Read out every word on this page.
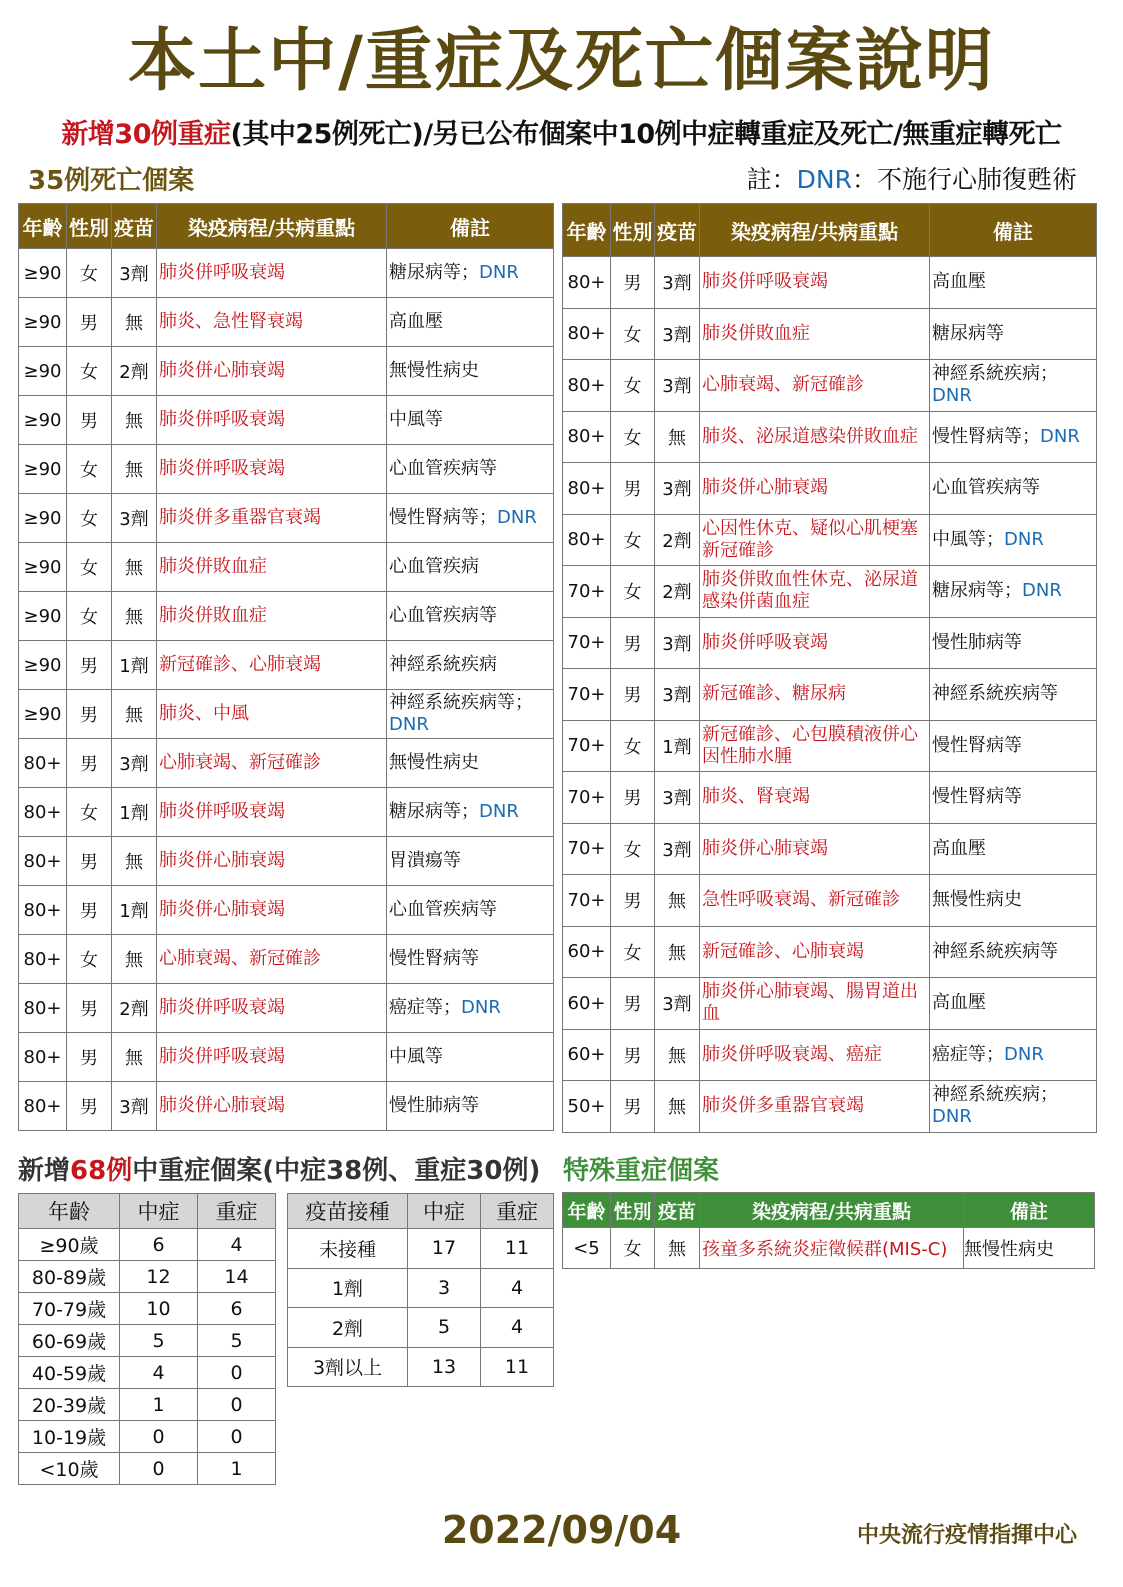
本土中/重症及死亡個案說明
新增30例重症(其中25例死亡)/另已公布個案中10例中症轉重症及死亡/無重症轉死亡
35例死亡個案	註：DNR：不施行心肺復甦術
年齡	性別	疫苗	染疫病程/共病重點	備註
≥90	女	3劑	肺炎併呼吸衰竭	糖尿病等；DNR
≥90	男	無	肺炎、急性腎衰竭	高血壓
≥90	女	2劑	肺炎併心肺衰竭	無慢性病史
≥90	男	無	肺炎併呼吸衰竭	中風等
≥90	女	無	肺炎併呼吸衰竭	心血管疾病等
≥90	女	3劑	肺炎併多重器官衰竭	慢性腎病等；DNR
≥90	女	無	肺炎併敗血症	心血管疾病
≥90	女	無	肺炎併敗血症	心血管疾病等
≥90	男	1劑	新冠確診、心肺衰竭	神經系統疾病
≥90	男	無	肺炎、中風	神經系統疾病等；DNR
80+	男	3劑	心肺衰竭、新冠確診	無慢性病史
80+	女	1劑	肺炎併呼吸衰竭	糖尿病等；DNR
80+	男	無	肺炎併心肺衰竭	胃潰瘍等
80+	男	1劑	肺炎併心肺衰竭	心血管疾病等
80+	女	無	心肺衰竭、新冠確診	慢性腎病等
80+	男	2劑	肺炎併呼吸衰竭	癌症等；DNR
80+	男	無	肺炎併呼吸衰竭	中風等
80+	男	3劑	肺炎併心肺衰竭	慢性肺病等
年齡	性別	疫苗	染疫病程/共病重點	備註
80+	男	3劑	肺炎併呼吸衰竭	高血壓
80+	女	3劑	肺炎併敗血症	糖尿病等
80+	女	3劑	心肺衰竭、新冠確診	神經系統疾病；DNR
80+	女	無	肺炎、泌尿道感染併敗血症	慢性腎病等；DNR
80+	男	3劑	肺炎併心肺衰竭	心血管疾病等
80+	女	2劑	心因性休克、疑似心肌梗塞新冠確診	中風等；DNR
70+	女	2劑	肺炎併敗血性休克、泌尿道感染併菌血症	糖尿病等；DNR
70+	男	3劑	肺炎併呼吸衰竭	慢性肺病等
70+	男	3劑	新冠確診、糖尿病	神經系統疾病等
70+	女	1劑	新冠確診、心包膜積液併心因性肺水腫	慢性腎病等
70+	男	3劑	肺炎、腎衰竭	慢性腎病等
70+	女	3劑	肺炎併心肺衰竭	高血壓
70+	男	無	急性呼吸衰竭、新冠確診	無慢性病史
60+	女	無	新冠確診、心肺衰竭	神經系統疾病等
60+	男	3劑	肺炎併心肺衰竭、腸胃道出血	高血壓
60+	男	無	肺炎併呼吸衰竭、癌症	癌症等；DNR
50+	男	無	肺炎併多重器官衰竭	神經系統疾病；DNR
新增68例中重症個案(中症38例、重症30例) 特殊重症個案
年齡	中症	重症
≥90歲	6	4
80-89歲	12	14
70-79歲	10	6
60-69歲	5	5
40-59歲	4	0
20-39歲	1	0
10-19歲	0	0
<10歲	0	1
疫苗接種	中症	重症
未接種	17	11
1劑	3	4
2劑	5	4
3劑以上	13	11
年齡	性別	疫苗	染疫病程/共病重點	備註
<5	女	無	孩童多系統炎症徵候群(MIS-C)	無慢性病史
2022/09/04	中央流行疫情指揮中心
